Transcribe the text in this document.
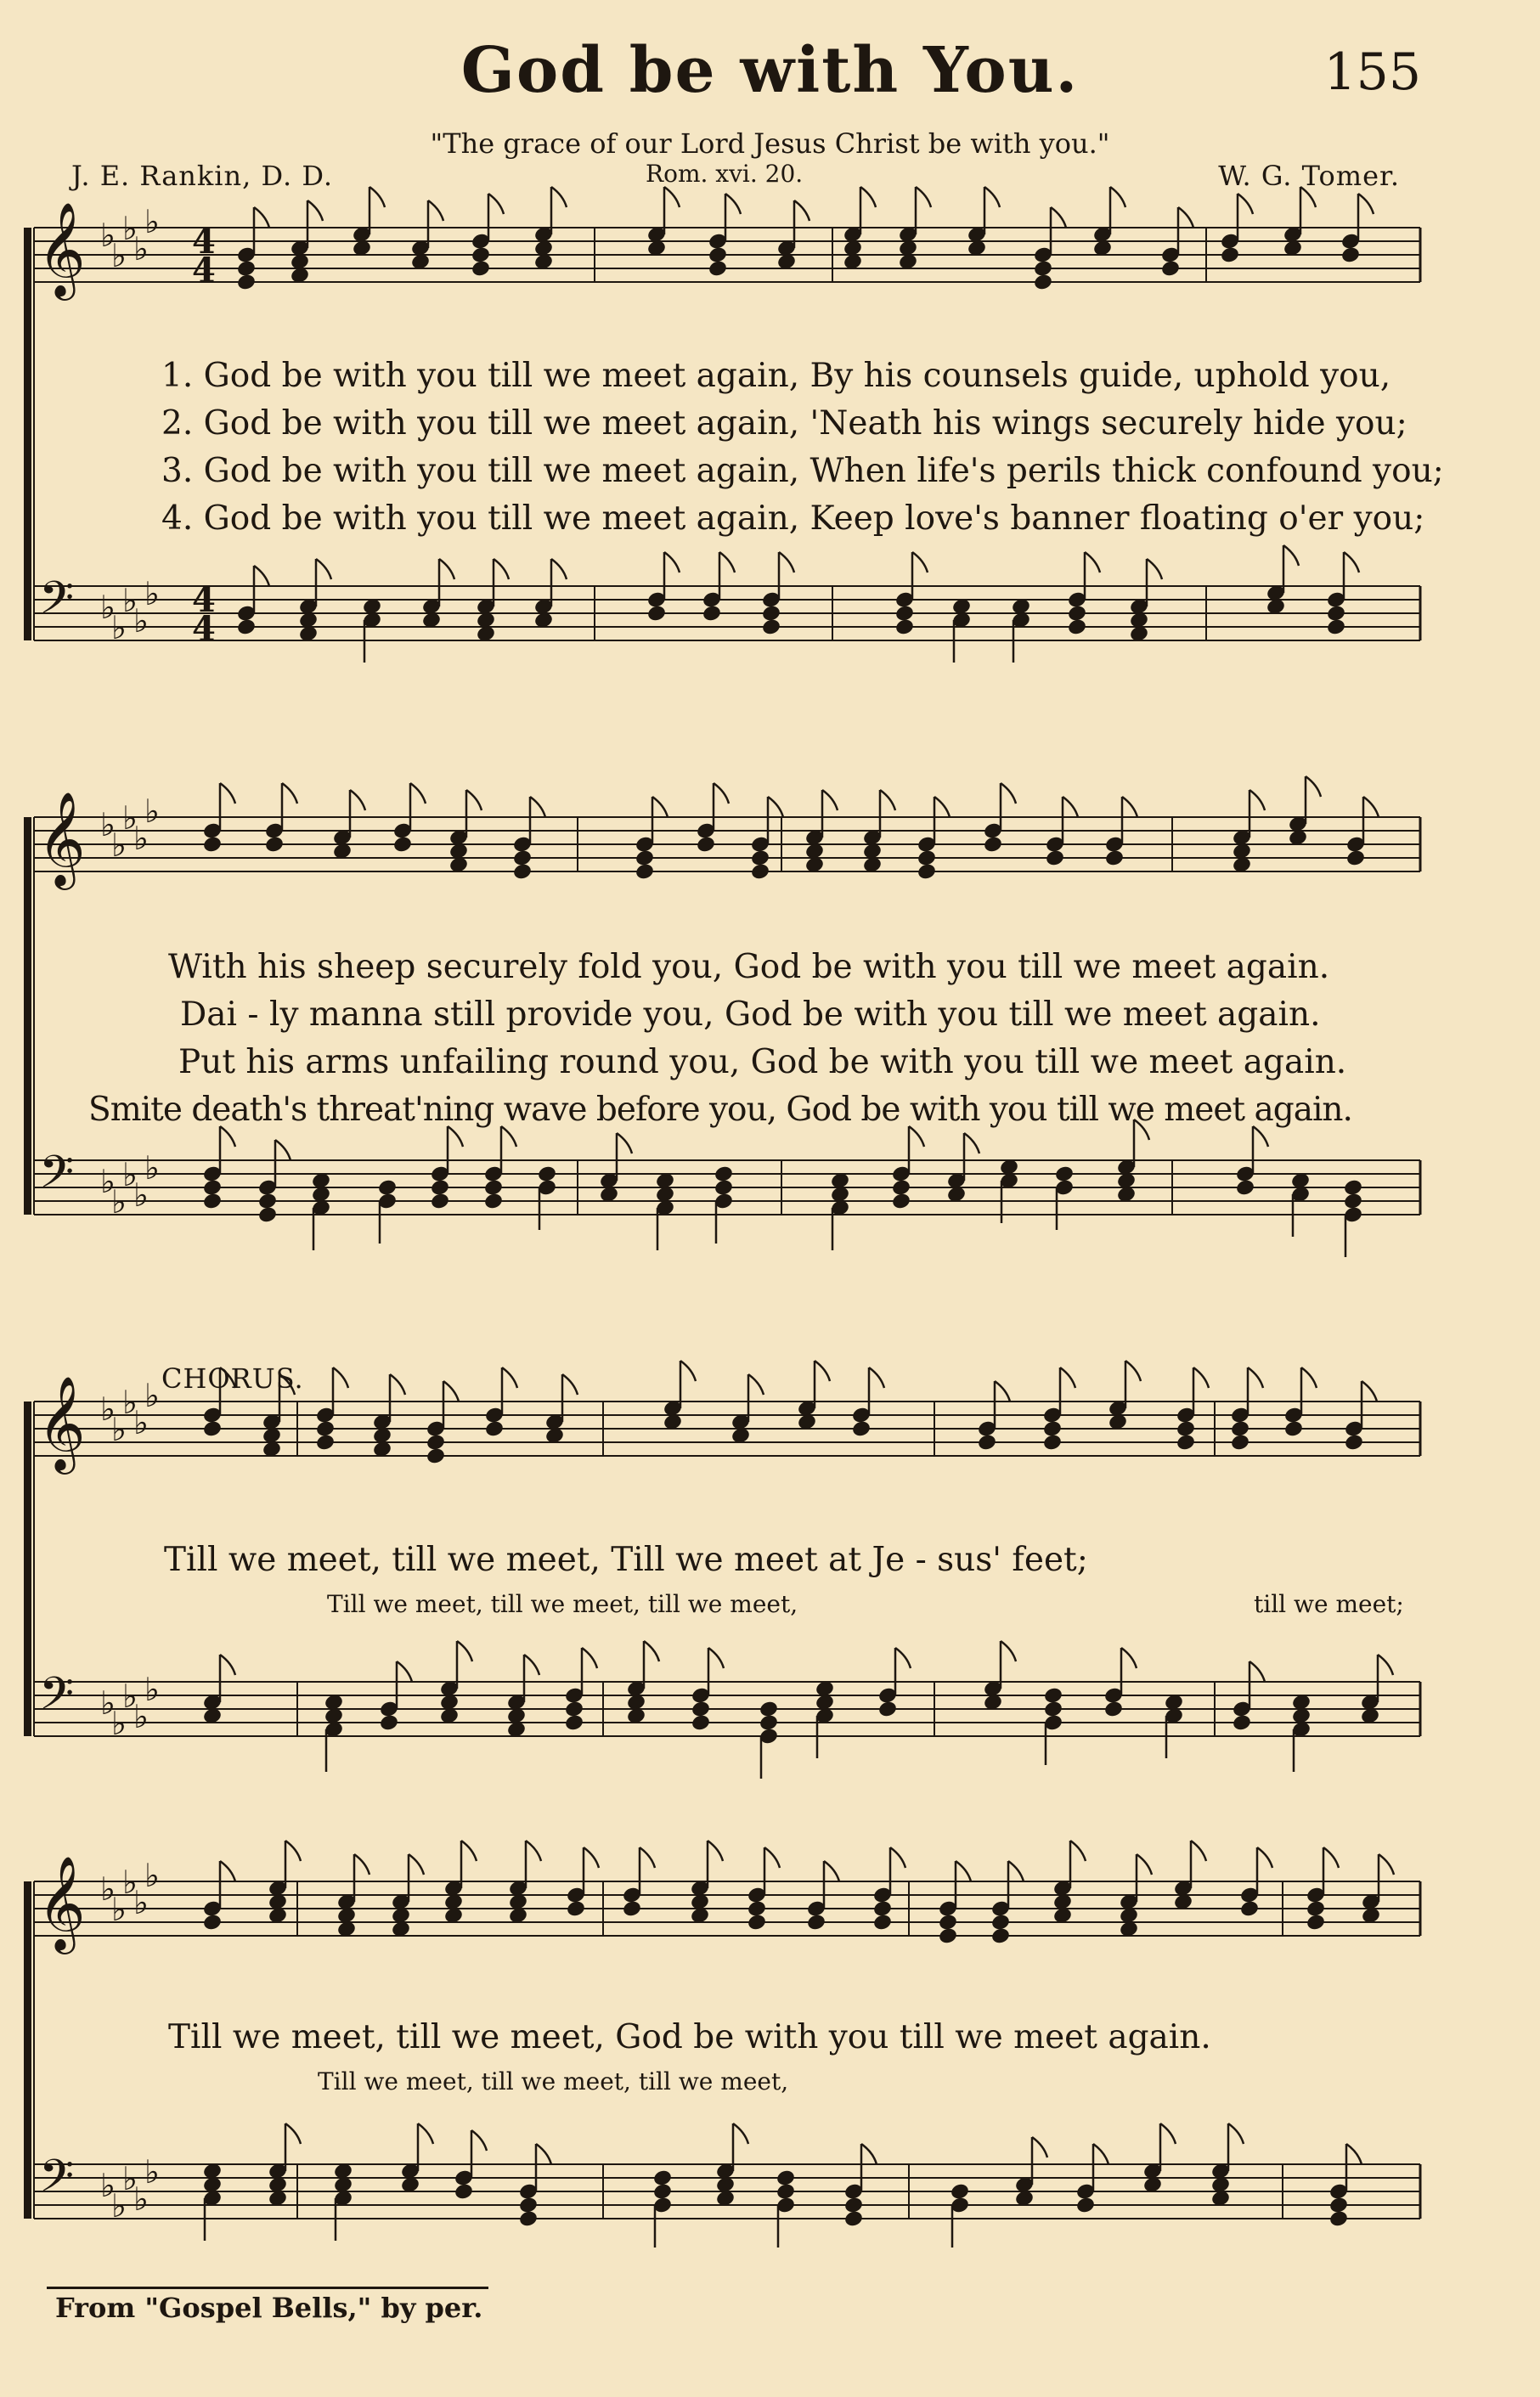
God be with You.	155
"The grace of our Lord Jesus Christ be with you."
J. E. Rankin, D. D.	Rom. xvi. 20.	W. G. Tomer.
𝄞 ♭
♭
♭
♭
♭ 4
4
𝄢 ♭
♭
♭
♭
♭ 4
4
𝄞 ♭
♭
♭
♭
♭
𝄢 ♭
♭
♭
♭
♭
𝄞 ♭
♭
♭
♭
♭
𝄢 ♭
♭
♭
♭
♭
𝄞 ♭
♭
♭
♭
♭
𝄢 ♭
♭
♭
♭
♭
1. God be with you till we meet again, By his counsels guide, uphold you,
2. God be with you till we meet again, 'Neath his wings securely hide you;
3. God be with you till we meet again, When life's perils thick confound you;
4. God be with you till we meet again, Keep love's banner floating o'er you;
With his sheep securely fold you, God be with you till we meet again.
Dai - ly manna still provide you, God be with you till we meet again.
Put his arms unfailing round you, God be with you till we meet again.
Smite death's threat'ning wave before you, God be with you till we meet again.
CHORUS.
Till we meet, till we meet, Till we meet at Je - sus' feet;
Till we meet, till we meet, till we meet,	till we meet;
Till we meet, till we meet, God be with you till we meet again.
Till we meet, till we meet, till we meet,
From "Gospel Bells," by per.
